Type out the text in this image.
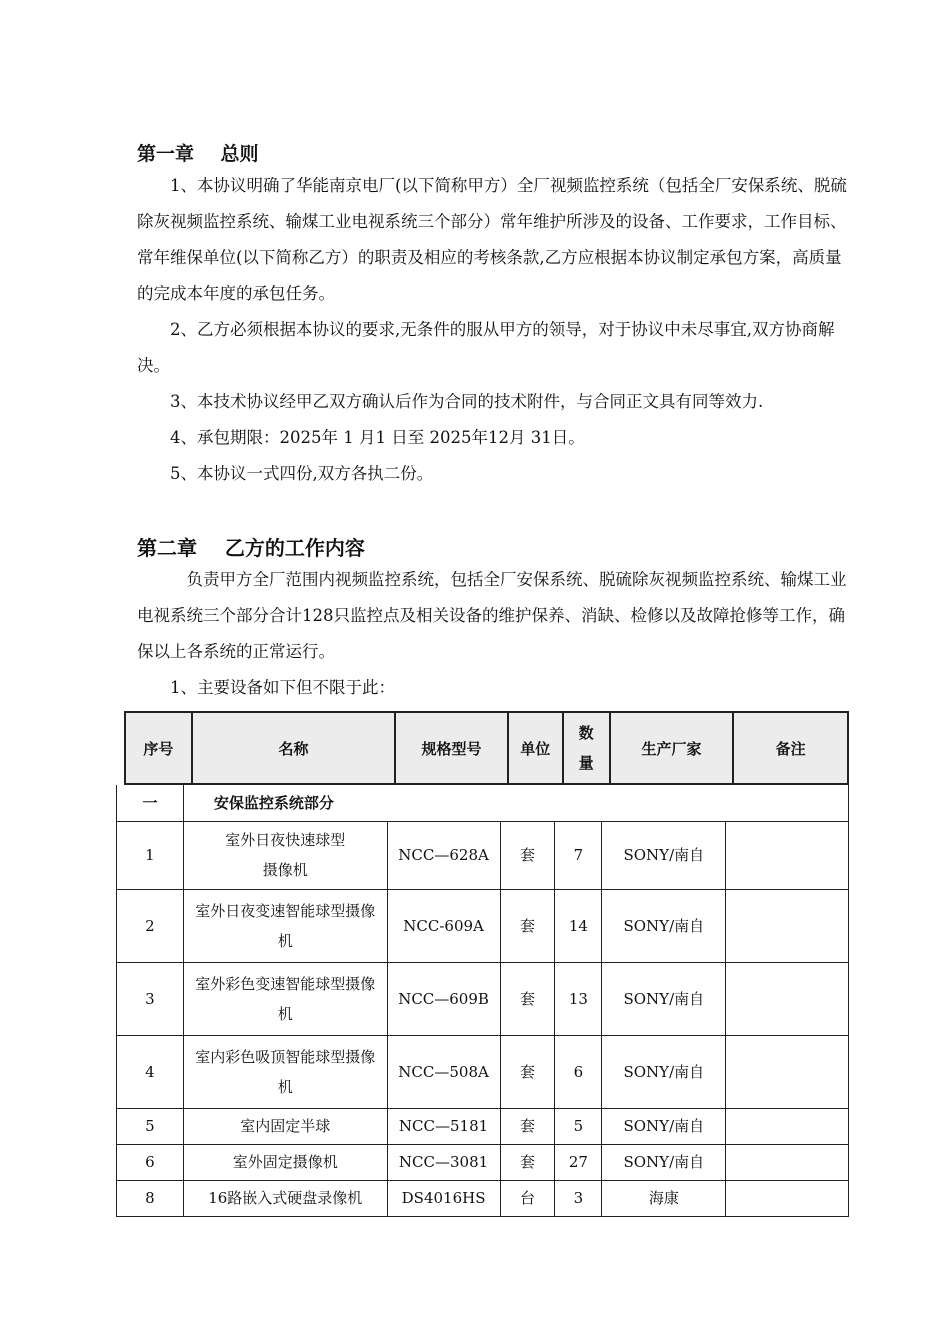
第一章    总则

1、本协议明确了华能南京电厂(以下简称甲方）全厂视频监控系统（包括全厂安保系统、脱硫除灰视频监控系统、输煤工业电视系统三个部分）常年维护所涉及的设备、工作要求，工作目标、常年维保单位(以下简称乙方）的职责及相应的考核条款,乙方应根据本协议制定承包方案，高质量的完成本年度的承包任务。

2、乙方必须根据本协议的要求,无条件的服从甲方的领导，对于协议中未尽事宜,双方协商解决。

3、本技术协议经甲乙双方确认后作为合同的技术附件，与合同正文具有同等效力.

4、承包期限：2025年 1 月1 日至 2025年12月 31日。

5、本协议一式四份,双方各执二份。

第二章    乙方的工作内容

负责甲方全厂范围内视频监控系统，包括全厂安保系统、脱硫除灰视频监控系统、输煤工业电视系统三个部分合计128只监控点及相关设备的维护保养、消缺、检修以及故障抢修等工作，确保以上各系统的正常运行。

1、主要设备如下但不限于此：

序号	名称	规格型号	单位	数量	生产厂家	备注
一	安保监控系统部分					
1	室外日夜快速球型摄像机	NCC—628A	套	7	SONY/南自	
2	室外日夜变速智能球型摄像机	NCC-609A	套	14	SONY/南自	
3	室外彩色变速智能球型摄像机	NCC—609B	套	13	SONY/南自	
4	室内彩色吸顶智能球型摄像机	NCC—508A	套	6	SONY/南自	
5	室内固定半球	NCC—5181	套	5	SONY/南自	
6	室外固定摄像机	NCC—3081	套	27	SONY/南自	
8	16路嵌入式硬盘录像机	DS4016HS	台	3	海康	
